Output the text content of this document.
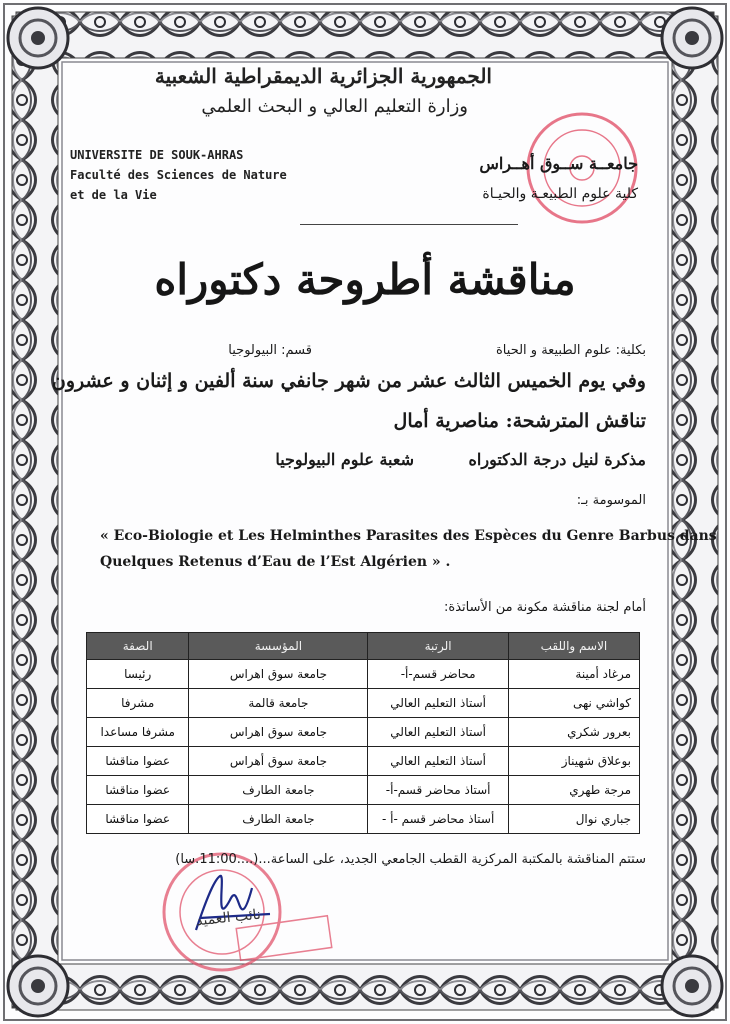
الجمهورية الجزائرية الديمقراطية الشعبية
وزارة التعليم العالي و البحث العلمي
UNIVERSITE DE SOUK-AHRAS
Faculté des Sciences de Nature
et de la Vie
جامعــة ســوق أهــراس
كلية علوم الطبيعـة والحيـاة
مناقشة أطروحة دكتوراه
بكلية: علوم الطبيعة و الحياة
قسم: البيولوجيا
وفي يوم الخميس الثالث عشر من شهر جانفي سنة ألفين و إثنان و عشرون
تناقش المترشحة: مناصرية أمال
مذكرة لنيل درجة الدكتوراه
شعبة علوم البيولوجيا
الموسومة بـ:
« Eco-Biologie et Les Helminthes Parasites des Espèces du Genre Barbus dans
Quelques Retenus d’Eau de l’Est Algérien » .
أمام لجنة مناقشة مكونة من الأساتذة:
الاسم واللقب	الرتبة	المؤسسة	الصفة
مرغاد أمينة	محاضر قسم-أ-	جامعة سوق اهراس	رئيسا
كواشي نهى	أستاذ التعليم العالي	جامعة قالمة	مشرفا
بعرور شكري	أستاذ التعليم العالي	جامعة سوق اهراس	مشرفا مساعدا
بوعلاق شهيناز	أستاذ التعليم العالي	جامعة سوق أهراس	عضوا مناقشا
مرجة طهري	أستاذ محاضر قسم-أ-	جامعة الطارف	عضوا مناقشا
جباري نوال	أستاذ محاضر قسم -أ -	جامعة الطارف	عضوا مناقشا
ستتم المناقشة بالمكتبة المركزية القطب الجامعي الجديد، على الساعة...(....11:00.سا)
نائب العميد
